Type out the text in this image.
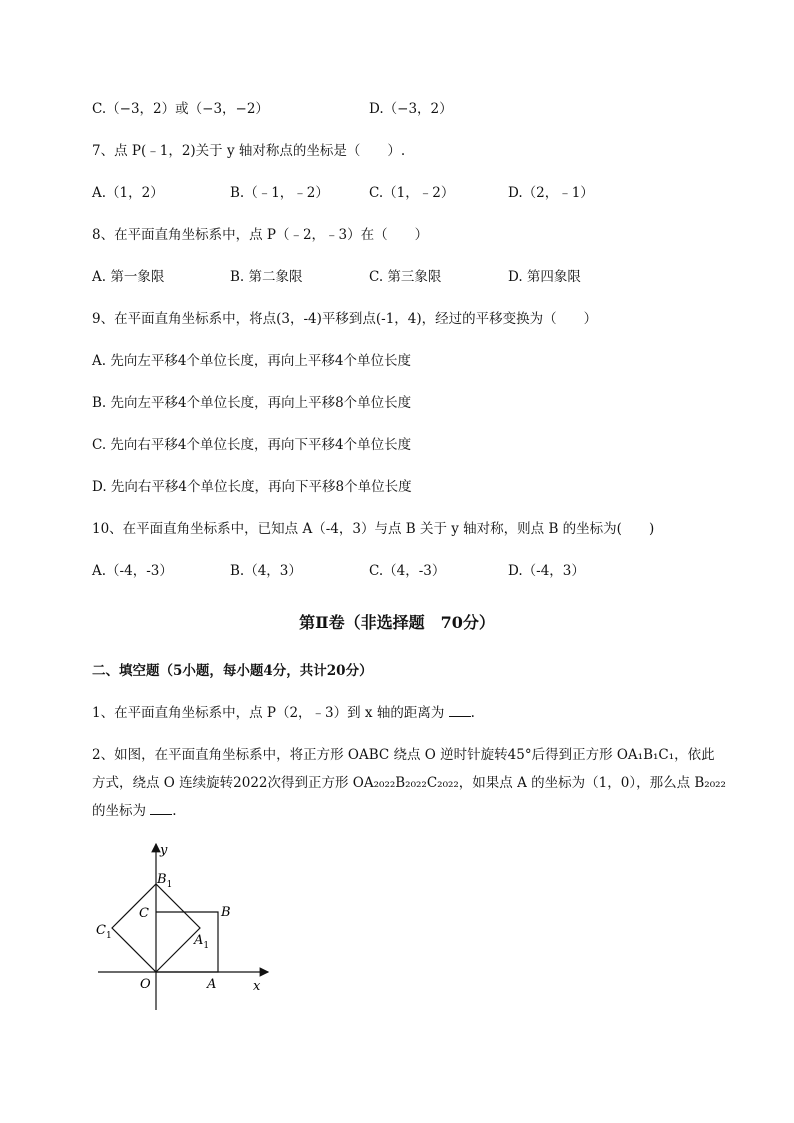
C.（−3，2）或（−3，−2）	D.（−3，2）
7、点 P(﹣1，2)关于 y 轴对称点的坐标是（　　）.
A.（1，2）	B.（﹣1，﹣2）	C.（1，﹣2）	D.（2，﹣1）
8、在平面直角坐标系中，点 P（﹣2，﹣3）在（　　）
A. 第一象限	B. 第二象限	C. 第三象限	D. 第四象限
9、在平面直角坐标系中，将点(3，-4)平移到点(-1，4)，经过的平移变换为（　　）
A. 先向左平移4个单位长度，再向上平移4个单位长度
B. 先向左平移4个单位长度，再向上平移8个单位长度
C. 先向右平移4个单位长度，再向下平移4个单位长度
D. 先向右平移4个单位长度，再向下平移8个单位长度
10、在平面直角坐标系中，已知点 A（-4，3）与点 B 关于 y 轴对称，则点 B 的坐标为(　　)
A.（-4，-3）	B.（4，3）	C.（4，-3）	D.（-4，3）
第Ⅱ卷（非选择题　70分）
二、填空题（5小题，每小题4分，共计20分）
1、在平面直角坐标系中，点 P（2，﹣3）到 x 轴的距离为 .
2、如图，在平面直角坐标系中，将正方形 OABC 绕点 O 逆时针旋转45°后得到正方形 OA₁B₁C₁，依此
方式，绕点 O 连续旋转2022次得到正方形 OA₂₀₂₂B₂₀₂₂C₂₀₂₂，如果点 A 的坐标为（1，0），那么点 B₂₀₂₂
的坐标为 .
y
x
O	A
B
C
$B_1$
$C_1$	$A_1$
